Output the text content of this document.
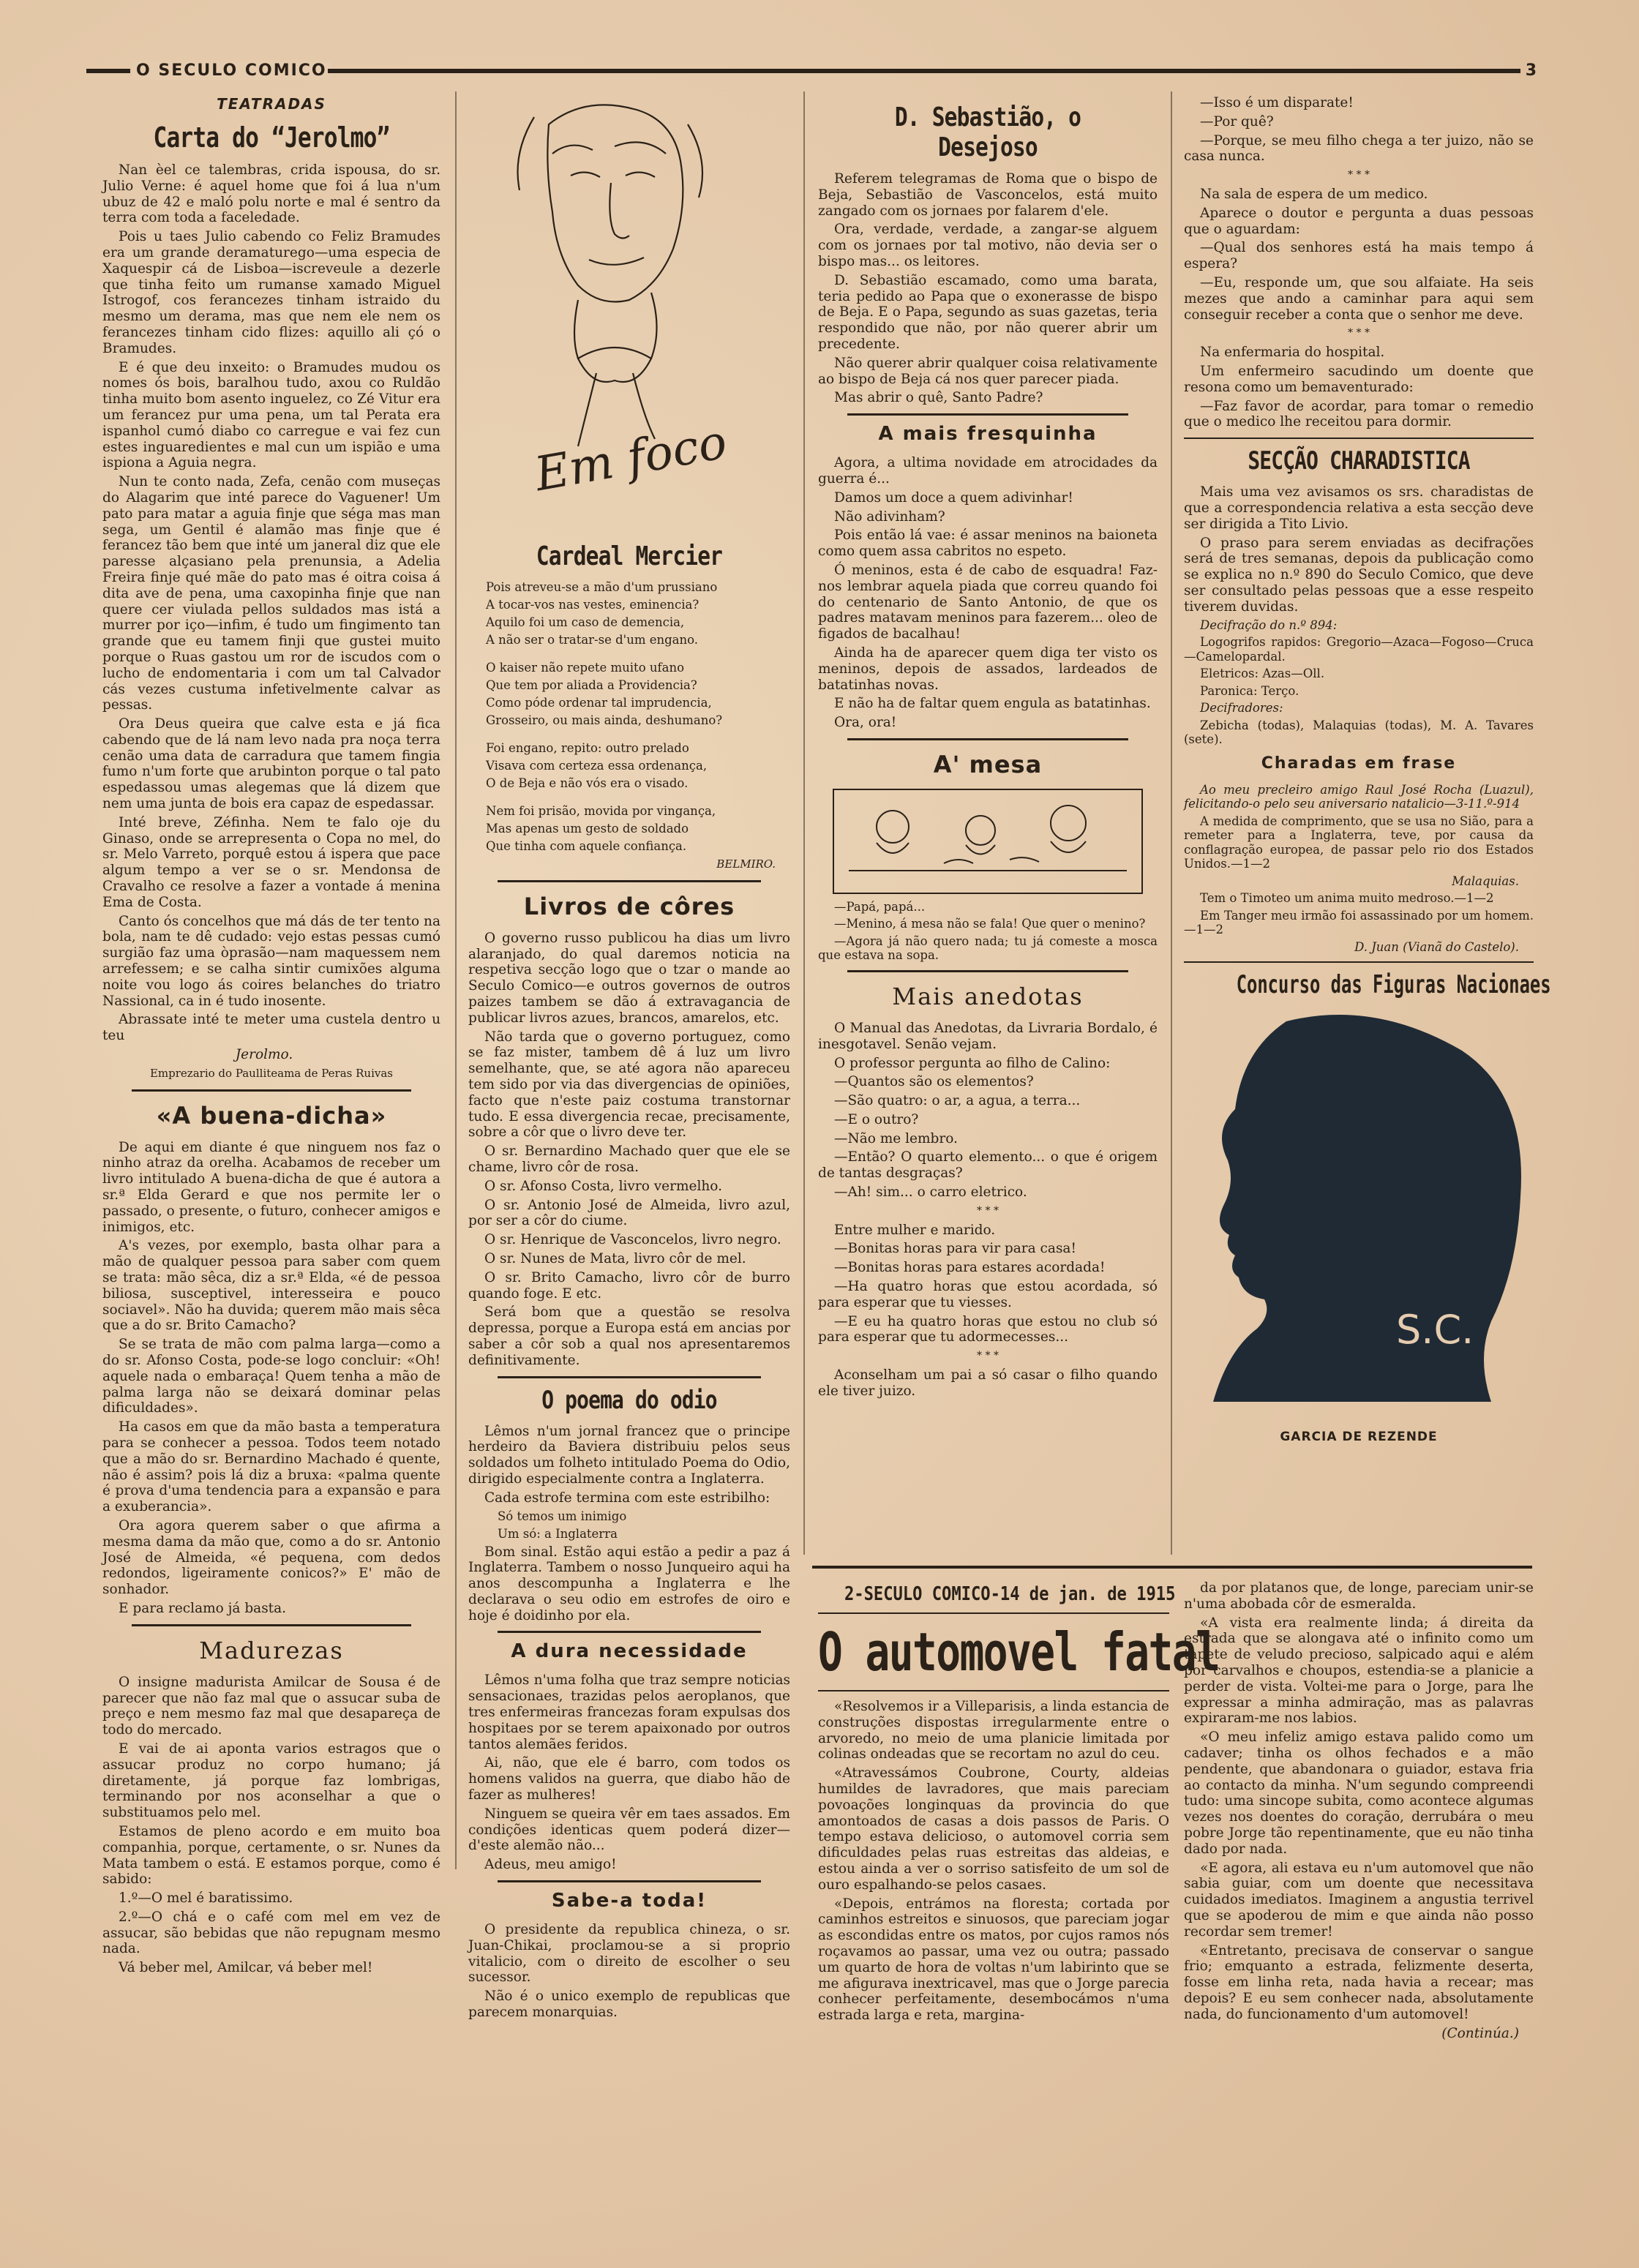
O SECULO COMICO	3
TEATRADAS
Carta do “Jerolmo”

Nan èel ce talembras, crida ispousa, do sr. Julio Verne: é aquel home que foi á lua n'um ubuz de 42 e maló polu norte e mal é sentro da terra com toda a faceledade.

Pois u taes Julio cabendo co Feliz Bramudes era um grande deramaturego—uma especia de Xaquespir cá de Lisboa—iscreveule a dezerle que tinha feito um rumanse xamado Miguel Istrogof, cos ferancezes tinham istraido du mesmo um derama, mas que nem ele nem os ferancezes tinham cido flizes: aquillo ali çó o Bramudes.

E é que deu inxeito: o Bramudes mudou os nomes ós bois, baralhou tudo, axou co Ruldão tinha muito bom asento inguelez, co Zé Vitur era um ferancez pur uma pena, um tal Perata era ispanhol cumó diabo co carregue e vai fez cun estes inguaredientes e mal cun um ispião e uma ispiona a Aguia negra.

Nun te conto nada, Zefa, cenão com museças do Alagarim que inté parece do Vaguener! Um pato para matar a aguia finje que séga mas man sega, um Gentil é alamão mas finje que é ferancez tão bem que inté um janeral diz que ele paresse alçasiano pela prenunsia, a Adelia Freira finje qué mãe do pato mas é oitra coisa á dita ave de pena, uma caxopinha finje que nan quere cer viulada pellos suldados mas istá a murrer por iço—infim, é tudo um fingimento tan grande que eu tamem finji que gustei muito porque o Ruas gastou um ror de iscudos com o lucho de endomentaria i com um tal Calvador cás vezes custuma infetivelmente calvar as pessas.

Ora Deus queira que calve esta e já fica cabendo que de lá nam levo nada pra noça terra cenão uma data de carradura que tamem fingia fumo n'um forte que arubinton porque o tal pato espedassou umas alegemas que lá dizem que nem uma junta de bois era capaz de espedassar.

Inté breve, Zéfinha. Nem te falo oje du Ginaso, onde se arrepresenta o Copa no mel, do sr. Melo Varreto, porquê estou á ispera que pace algum tempo a ver se o sr. Mendonsa de Cravalho ce resolve a fazer a vontade á menina Ema de Costa.

Canto ós concelhos que má dás de ter tento na bola, nam te dê cudado: vejo estas pessas cumó surgião faz uma òprasão—nam maquessem nem arrefessem; e se calha sintir cumixões alguma noite vou logo ás coires belanches do triatro Nassional, ca in é tudo inosente.

Abrassate inté te meter uma custela dentro u teu

Jerolmo.

Emprezario do Paulliteama de Peras Ruivas

«A buena-dicha»

De aqui em diante é que ninguem nos faz o ninho atraz da orelha. Acabamos de receber um livro intitulado A buena-dicha de que é autora a sr.ª Elda Gerard e que nos permite ler o passado, o presente, o futuro, conhecer amigos e inimigos, etc.

A's vezes, por exemplo, basta olhar para a mão de qualquer pessoa para saber com quem se trata: mão sêca, diz a sr.ª Elda, «é de pessoa biliosa, susceptivel, interesseira e pouco sociavel». Não ha duvida; querem mão mais sêca que a do sr. Brito Camacho?

Se se trata de mão com palma larga—como a do sr. Afonso Costa, pode-se logo concluir: «Oh! aquele nada o embaraça! Quem tenha a mão de palma larga não se deixará dominar pelas dificuldades».

Ha casos em que da mão basta a temperatura para se conhecer a pessoa. Todos teem notado que a mão do sr. Bernardino Machado é quente, não é assim? pois lá diz a bruxa: «palma quente é prova d'uma tendencia para a expansão e para a exuberancia».

Ora agora querem saber o que afirma a mesma dama da mão que, como a do sr. Antonio José de Almeida, «é pequena, com dedos redondos, ligeiramente conicos?» E' mão de sonhador.

E para reclamo já basta.

Madurezas

O insigne madurista Amilcar de Sousa é de parecer que não faz mal que o assucar suba de preço e nem mesmo faz mal que desapareça de todo do mercado.

E vai de ai aponta varios estragos que o assucar produz no corpo humano; já diretamente, já porque faz lombrigas, terminando por nos aconselhar a que o substituamos pelo mel.

Estamos de pleno acordo e em muito boa companhia, porque, certamente, o sr. Nunes da Mata tambem o está. E estamos porque, como é sabido:

1.º—O mel é baratissimo.

2.º—O chá e o café com mel em vez de assucar, são bebidas que não repugnam mesmo nada.

Vá beber mel, Amilcar, vá beber mel!

Em foco
Cardeal Mercier

Pois atreveu-se a mão d'um prussiano

A tocar-vos nas vestes, eminencia?

Aquilo foi um caso de demencia,

A não ser o tratar-se d'um engano.

O kaiser não repete muito ufano

Que tem por aliada a Providencia?

Como póde ordenar tal imprudencia,

Grosseiro, ou mais ainda, deshumano?

Foi engano, repito: outro prelado

Visava com certeza essa ordenança,

O de Beja e não vós era o visado.

Nem foi prisão, movida por vingança,

Mas apenas um gesto de soldado

Que tinha com aquele confiança.

BELMIRO.

Livros de côres

O governo russo publicou ha dias um livro alaranjado, do qual daremos noticia na respetiva secção logo que o tzar o mande ao Seculo Comico—e outros governos de outros paizes tambem se dão á extravagancia de publicar livros azues, brancos, amarelos, etc.

Não tarda que o governo portuguez, como se faz mister, tambem dê á luz um livro semelhante, que, se até agora não apareceu tem sido por via das divergencias de opiniões, facto que n'este paiz costuma transtornar tudo. E essa divergencia recae, precisamente, sobre a côr que o livro deve ter.

O sr. Bernardino Machado quer que ele se chame, livro côr de rosa.

O sr. Afonso Costa, livro vermelho.

O sr. Antonio José de Almeida, livro azul, por ser a côr do ciume.

O sr. Henrique de Vasconcelos, livro negro.

O sr. Nunes de Mata, livro côr de mel.

O sr. Brito Camacho, livro côr de burro quando foge. E etc.

Será bom que a questão se resolva depressa, porque a Europa está em ancias por saber a côr sob a qual nos apresentaremos definitivamente.

O poema do odio

Lêmos n'um jornal francez que o principe herdeiro da Baviera distribuiu pelos seus soldados um folheto intitulado Poema do Odio, dirigido especialmente contra a Inglaterra.

Cada estrofe termina com este estribilho:

Só temos um inimigo

Um só: a Inglaterra

Bom sinal. Estão aqui estão a pedir a paz á Inglaterra. Tambem o nosso Junqueiro aqui ha anos descompunha a Inglaterra e lhe declarava o seu odio em estrofes de oiro e hoje é doidinho por ela.

A dura necessidade

Lêmos n'uma folha que traz sempre noticias sensacionaes, trazidas pelos aeroplanos, que tres enfermeiras francezas foram expulsas dos hospitaes por se terem apaixonado por outros tantos alemães feridos.

Ai, não, que ele é barro, com todos os homens validos na guerra, que diabo hão de fazer as mulheres!

Ninguem se queira vêr em taes assados. Em condições identicas quem poderá dizer—d'este alemão não...

Adeus, meu amigo!

Sabe-a toda!

O presidente da republica chineza, o sr. Juan-Chikai, proclamou-se a si proprio vitalicio, com o direito de escolher o seu sucessor.

Não é o unico exemplo de republicas que parecem monarquias.

D. Sebastião, o Desejoso

Referem telegramas de Roma que o bispo de Beja, Sebastião de Vasconcelos, está muito zangado com os jornaes por falarem d'ele.

Ora, verdade, verdade, a zangar-se alguem com os jornaes por tal motivo, não devia ser o bispo mas... os leitores.

D. Sebastião escamado, como uma barata, teria pedido ao Papa que o exonerasse de bispo de Beja. E o Papa, segundo as suas gazetas, teria respondido que não, por não querer abrir um precedente.

Não querer abrir qualquer coisa relativamente ao bispo de Beja cá nos quer parecer piada.

Mas abrir o quê, Santo Padre?

A mais fresquinha

Agora, a ultima novidade em atrocidades da guerra é...

Damos um doce a quem adivinhar!

Não adivinham?

Pois então lá vae: é assar meninos na baioneta como quem assa cabritos no espeto.

Ó meninos, esta é de cabo de esquadra! Faz-nos lembrar aquela piada que correu quando foi do centenario de Santo Antonio, de que os padres matavam meninos para fazerem... oleo de figados de bacalhau!

Ainda ha de aparecer quem diga ter visto os meninos, depois de assados, lardeados de batatinhas novas.

E não ha de faltar quem engula as batatinhas.

Ora, ora!

A' mesa

—Papá, papá...

—Menino, á mesa não se fala! Que quer o menino?

—Agora já não quero nada; tu já comeste a mosca que estava na sopa.

Mais anedotas

O Manual das Anedotas, da Livraria Bordalo, é inesgotavel. Senão vejam.

O professor pergunta ao filho de Calino:

—Quantos são os elementos?

—São quatro: o ar, a agua, a terra...

—E o outro?

—Não me lembro.

—Então? O quarto elemento... o que é origem de tantas desgraças?

—Ah! sim... o carro eletrico.

* * *

Entre mulher e marido.

—Bonitas horas para vir para casa!

—Bonitas horas para estares acordada!

—Ha quatro horas que estou acordada, só para esperar que tu viesses.

—E eu ha quatro horas que estou no club só para esperar que tu adormecesses...

* * *

Aconselham um pai a só casar o filho quando ele tiver juizo.

—Isso é um disparate!

—Por quê?

—Porque, se meu filho chega a ter juizo, não se casa nunca.

* * *

Na sala de espera de um medico.

Aparece o doutor e pergunta a duas pessoas que o aguardam:

—Qual dos senhores está ha mais tempo á espera?

—Eu, responde um, que sou alfaiate. Ha seis mezes que ando a caminhar para aqui sem conseguir receber a conta que o senhor me deve.

* * *

Na enfermaria do hospital.

Um enfermeiro sacudindo um doente que resona como um bemaventurado:

—Faz favor de acordar, para tomar o remedio que o medico lhe receitou para dormir.

SECÇÃO CHARADISTICA

Mais uma vez avisamos os srs. charadistas de que a correspondencia relativa a esta secção deve ser dirigida a Tito Livio.

O praso para serem enviadas as decifrações será de tres semanas, depois da publicação como se explica no n.º 890 do Seculo Comico, que deve ser consultado pelas pessoas que a esse respeito tiverem duvidas.

Decifração do n.º 894:

Logogrifos rapidos: Gregorio—Azaca—Fogoso—Cruca—Camelopardal.

Eletricos: Azas—Oll.

Paronica: Terço.

Decifradores:

Zebicha (todas), Malaquias (todas), M. A. Tavares (sete).

Charadas em frase

Ao meu precleiro amigo Raul José Rocha (Luazul), felicitando-o pelo seu aniversario natalicio—3-11.º-914

A medida de comprimento, que se usa no Sião, para a remeter para a Inglaterra, teve, por causa da conflagração europea, de passar pelo rio dos Estados Unidos.—1—2

Malaquias.

Tem o Timoteo um anima muito medroso.—1—2

Em Tanger meu irmão foi assassinado por um homem.—1—2

D. Juan (Vianã do Castelo).

Concurso das Figuras Nacionaes
S.C.
GARCIA DE REZENDE
2-SECULO COMICO-14 de jan. de 1915
O automovel fatal

«Resolvemos ir a Villeparisis, a linda estancia de construções dispostas irregularmente entre o arvoredo, no meio de uma planicie limitada por colinas ondeadas que se recortam no azul do ceu.

«Atravessámos Coubrone, Courty, aldeias humildes de lavradores, que mais pareciam povoações longinquas da provincia do que amontoados de casas a dois passos de Paris. O tempo estava delicioso, o automovel corria sem dificuldades pelas ruas estreitas das aldeias, e estou ainda a ver o sorriso satisfeito de um sol de ouro espalhando-se pelos casaes.

«Depois, entrámos na floresta; cortada por caminhos estreitos e sinuosos, que pareciam jogar as escondidas entre os matos, por cujos ramos nós roçavamos ao passar, uma vez ou outra; passado um quarto de hora de voltas n'um labirinto que se me afigurava inextricavel, mas que o Jorge parecia conhecer perfeitamente, desembocámos n'uma estrada larga e reta, margina-

da por platanos que, de longe, pareciam unir-se n'uma abobada côr de esmeralda.

«A vista era realmente linda; á direita da estrada que se alongava até o infinito como um tapete de veludo precioso, salpicado aqui e além por carvalhos e choupos, estendia-se a planicie a perder de vista. Voltei-me para o Jorge, para lhe expressar a minha admiração, mas as palavras expiraram-me nos labios.

«O meu infeliz amigo estava palido como um cadaver; tinha os olhos fechados e a mão pendente, que abandonara o guiador, estava fria ao contacto da minha. N'um segundo compreendi tudo: uma sincope subita, como acontece algumas vezes nos doentes do coração, derrubára o meu pobre Jorge tão repentinamente, que eu não tinha dado por nada.

«E agora, ali estava eu n'um automovel que não sabia guiar, com um doente que necessitava cuidados imediatos. Imaginem a angustia terrivel que se apoderou de mim e que ainda não posso recordar sem tremer!

«Entretanto, precisava de conservar o sangue frio; emquanto a estrada, felizmente deserta, fosse em linha reta, nada havia a recear; mas depois? E eu sem conhecer nada, absolutamente nada, do funcionamento d'um automovel!

(Continúa.)
